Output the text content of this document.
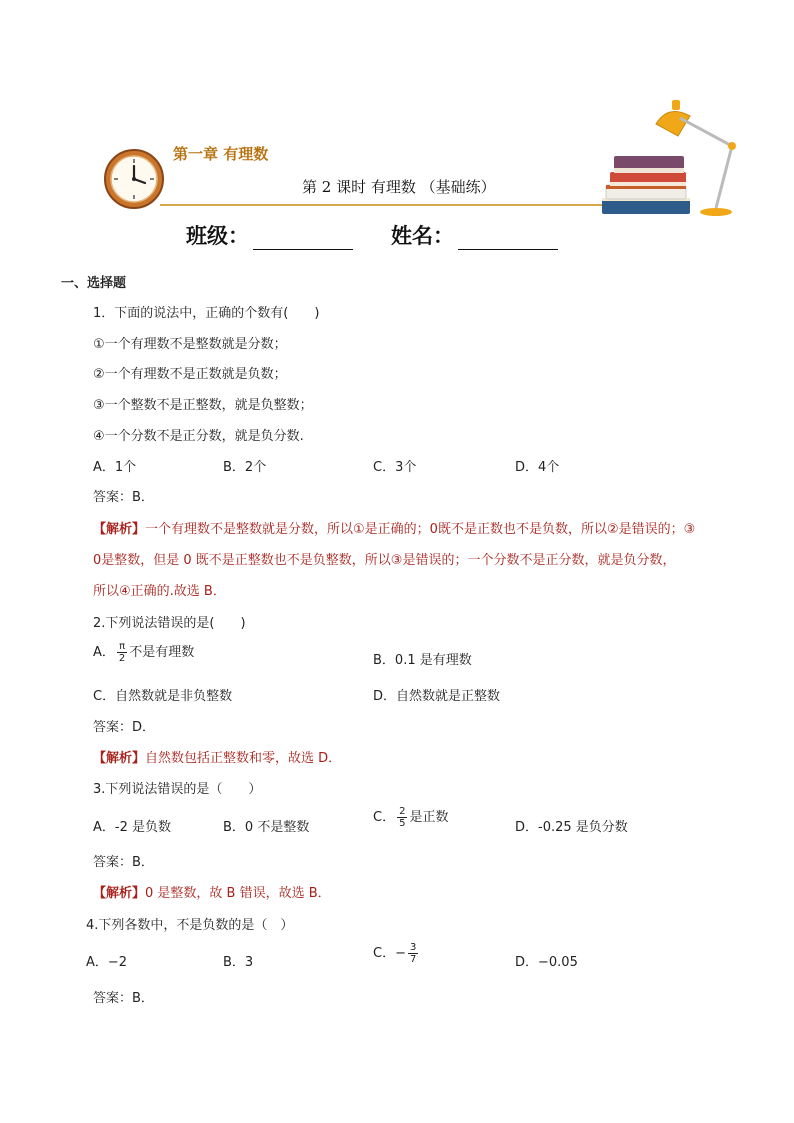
第一章 有理数
第 2 课时 有理数 （基础练）
班级：	姓名：
一、选择题
1．下面的说法中，正确的个数有(　　)
①一个有理数不是整数就是分数；
②一个有理数不是正数就是负数；
③一个整数不是正整数，就是负整数；
④一个分数不是正分数，就是负分数.
A．1个	B．2个	C．3个	D．4个
答案：B．
【解析】一个有理数不是整数就是分数，所以①是正确的；0既不是正数也不是负数，所以②是错误的；③
0是整数，但是 0 既不是正整数也不是负整数，所以③是错误的；一个分数不是正分数，就是负分数，
所以④正确的.故选 B．
2.下列说法错误的是(　　)
A． $\frac{\pi}{2}$ 不是有理数
B．0.1 是有理数
C．自然数就是非负整数	D．自然数就是正整数
答案：D．
【解析】自然数包括正整数和零，故选 D．
3.下列说法错误的是（　　）
A．-2 是负数	B．0 不是整数
C． $\frac{2}{5}$ 是正数
D．-0.25 是负分数
答案：B．
【解析】0 是整数，故 B 错误，故选 B．
4.下列各数中，不是负数的是（　）
A．−2	B．3
C．− $\frac{3}{7}$	D．−0.05
答案：B．
